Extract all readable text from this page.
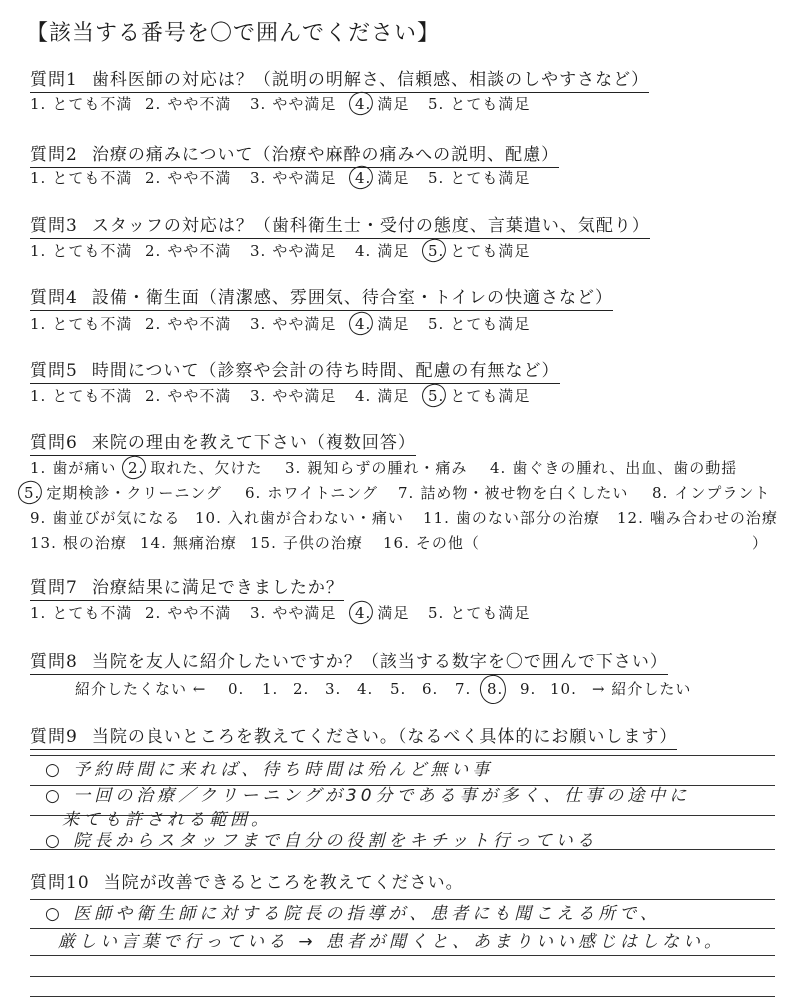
【該当する番号を〇で囲んでください】
質問1 歯科医師の対応は？（説明の明解さ、信頼感、相談のしやすさなど）
1. とても不満 2. やや不満 3. やや満足 4. 満足 5. とても満足
質問2 治療の痛みについて（治療や麻酔の痛みへの説明、配慮）
1. とても不満 2. やや不満 3. やや満足 4. 満足 5. とても満足
質問3 スタッフの対応は？（歯科衛生士・受付の態度、言葉遣い、気配り）
1. とても不満 2. やや不満 3. やや満足 4. 満足 5. とても満足
質問4 設備・衛生面（清潔感、雰囲気、待合室・トイレの快適さなど）
1. とても不満 2. やや不満 3. やや満足 4. 満足 5. とても満足
質問5 時間について（診察や会計の待ち時間、配慮の有無など）
1. とても不満 2. やや不満 3. やや満足 4. 満足 5. とても満足
質問6 来院の理由を教えて下さい（複数回答）
1. 歯が痛い 2. 取れた、欠けた 3. 親知らずの腫れ・痛み 4. 歯ぐきの腫れ、出血、歯の動揺
5. 定期検診・クリーニング 6. ホワイトニング 7. 詰め物・被せ物を白くしたい 8. インプラント
9. 歯並びが気になる 10. 入れ歯が合わない・痛い 11. 歯のない部分の治療 12. 噛み合わせの治療
13. 根の治療 14. 無痛治療 15. 子供の治療 16. その他（	）
質問7 治療結果に満足できましたか？
1. とても不満 2. やや不満 3. やや満足 4. 満足 5. とても満足
質問8 当院を友人に紹介したいですか？（該当する数字を〇で囲んで下さい）
紹介したくない ← 0. 1. 2. 3. 4. 5. 6. 7. 8. 9. 10. → 紹介したい
質問9 当院の良いところを教えてください。（なるべく具体的にお願いします）
○ 予約時間に来れば、待ち時間は殆んど無い事
○ 一回の治療／クリーニングが30分である事が多く、仕事の途中に
来ても許される範囲。
○ 院長からスタッフまで自分の役割をキチット行っている
質問10 当院が改善できるところを教えてください。
○ 医師や衛生師に対する院長の指導が、患者にも聞こえる所で、
厳しい言葉で行っている → 患者が聞くと、あまりいい感じはしない。
